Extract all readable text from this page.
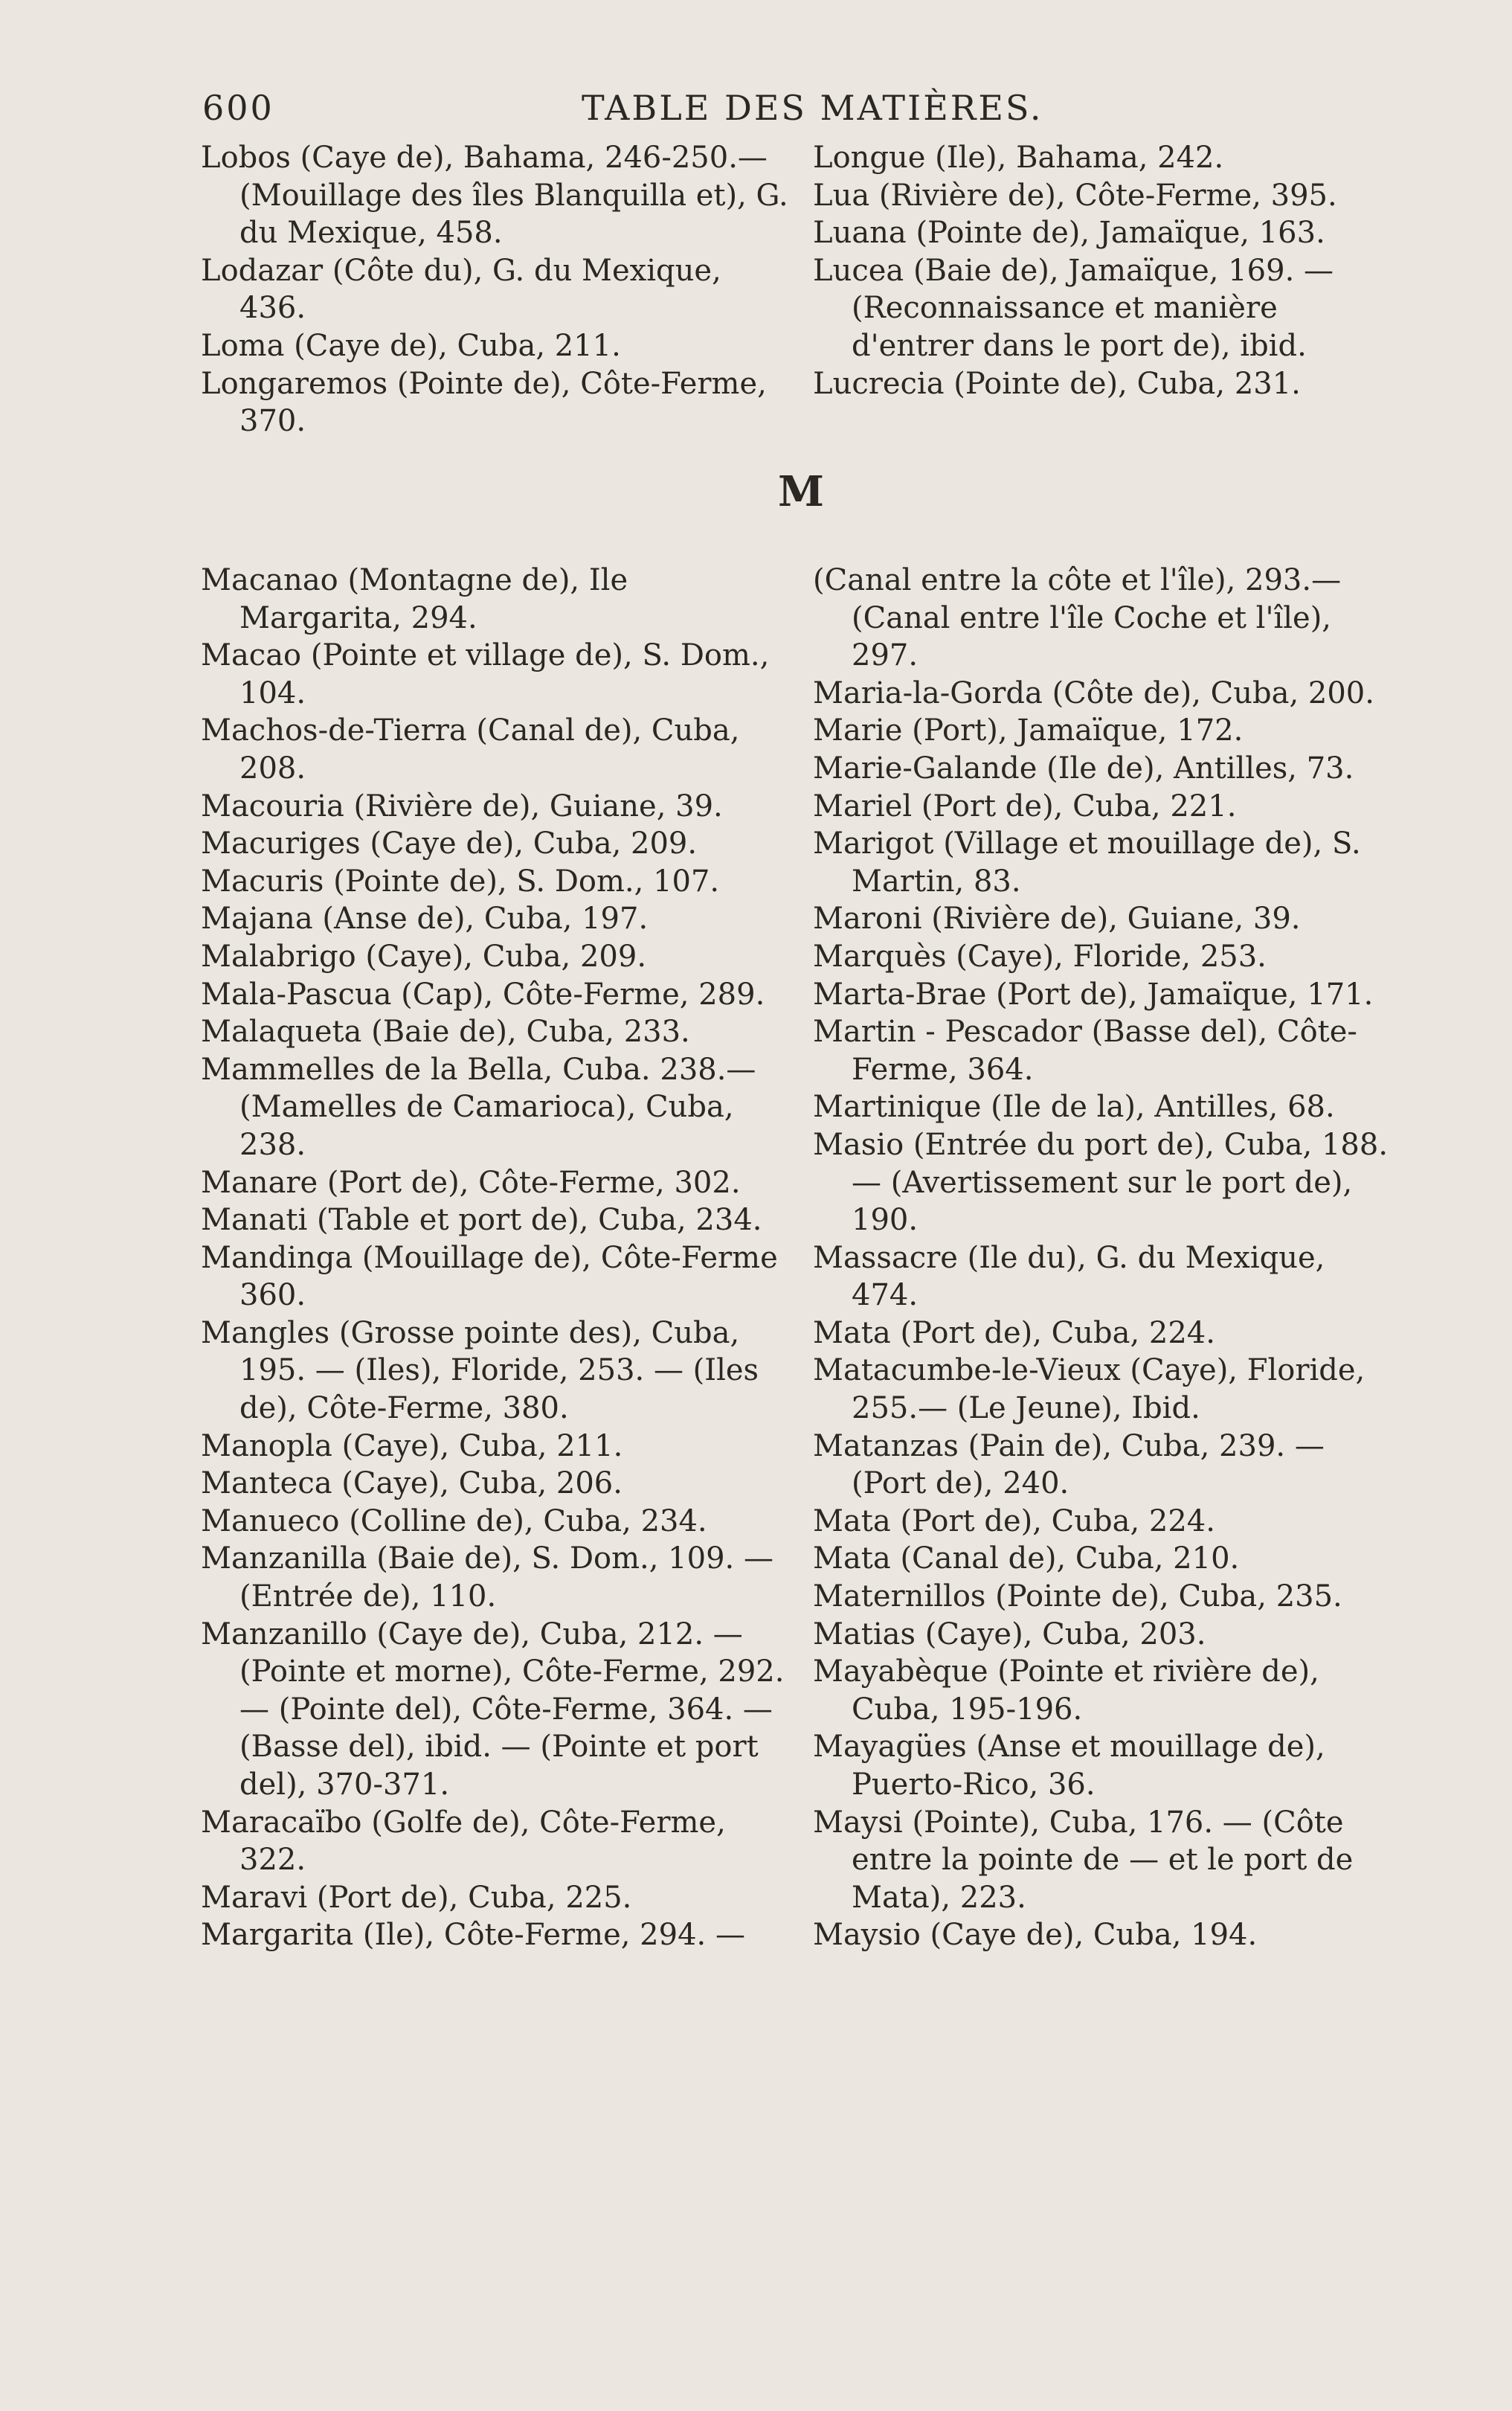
600	TABLE DES MATIÈRES.
Lobos (Caye de), Bahama, 246-250.— (Mouillage des îles Blanquilla et), G. du Mexique, 458.
Lodazar (Côte du), G. du Mexique, 436.
Loma (Caye de), Cuba, 211.
Longaremos (Pointe de), Côte-Ferme, 370.
Longue (Ile), Bahama, 242.
Lua (Rivière de), Côte-Ferme, 395.
Luana (Pointe de), Jamaïque, 163.
Lucea (Baie de), Jamaïque, 169. — (Reconnaissance et manière d'entrer dans le port de), ibid.
Lucrecia (Pointe de), Cuba, 231.
M
Macanao (Montagne de), Ile Margarita, 294.
Macao (Pointe et village de), S. Dom., 104.
Machos-de-Tierra (Canal de), Cuba, 208.
Macouria (Rivière de), Guiane, 39.
Macuriges (Caye de), Cuba, 209.
Macuris (Pointe de), S. Dom., 107.
Majana (Anse de), Cuba, 197.
Malabrigo (Caye), Cuba, 209.
Mala-Pascua (Cap), Côte-Ferme, 289.
Malaqueta (Baie de), Cuba, 233.
Mammelles de la Bella, Cuba. 238.— (Mamelles de Camarioca), Cuba, 238.
Manare (Port de), Côte-Ferme, 302.
Manati (Table et port de), Cuba, 234.
Mandinga (Mouillage de), Côte-Ferme 360.
Mangles (Grosse pointe des), Cuba, 195. — (Iles), Floride, 253. — (Iles de), Côte-Ferme, 380.
Manopla (Caye), Cuba, 211.
Manteca (Caye), Cuba, 206.
Manueco (Colline de), Cuba, 234.
Manzanilla (Baie de), S. Dom., 109. — (Entrée de), 110.
Manzanillo (Caye de), Cuba, 212. — (Pointe et morne), Côte-Ferme, 292. — (Pointe del), Côte-Ferme, 364. — (Basse del), ibid. — (Pointe et port del), 370-371.
Maracaïbo (Golfe de), Côte-Ferme, 322.
Maravi (Port de), Cuba, 225.
Margarita (Ile), Côte-Ferme, 294. —
(Canal entre la côte et l'île), 293.— (Canal entre l'île Coche et l'île), 297.
Maria-la-Gorda (Côte de), Cuba, 200.
Marie (Port), Jamaïque, 172.
Marie-Galande (Ile de), Antilles, 73.
Mariel (Port de), Cuba, 221.
Marigot (Village et mouillage de), S. Martin, 83.
Maroni (Rivière de), Guiane, 39.
Marquès (Caye), Floride, 253.
Marta-Brae (Port de), Jamaïque, 171.
Martin - Pescador (Basse del), Côte-Ferme, 364.
Martinique (Ile de la), Antilles, 68.
Masio (Entrée du port de), Cuba, 188. — (Avertissement sur le port de), 190.
Massacre (Ile du), G. du Mexique, 474.
Mata (Port de), Cuba, 224.
Matacumbe-le-Vieux (Caye), Floride, 255.— (Le Jeune), Ibid.
Matanzas (Pain de), Cuba, 239. — (Port de), 240.
Mata (Port de), Cuba, 224.
Mata (Canal de), Cuba, 210.
Maternillos (Pointe de), Cuba, 235.
Matias (Caye), Cuba, 203.
Mayabèque (Pointe et rivière de), Cuba, 195-196.
Mayagües (Anse et mouillage de), Puerto-Rico, 36.
Maysi (Pointe), Cuba, 176. — (Côte entre la pointe de — et le port de Mata), 223.
Maysio (Caye de), Cuba, 194.
